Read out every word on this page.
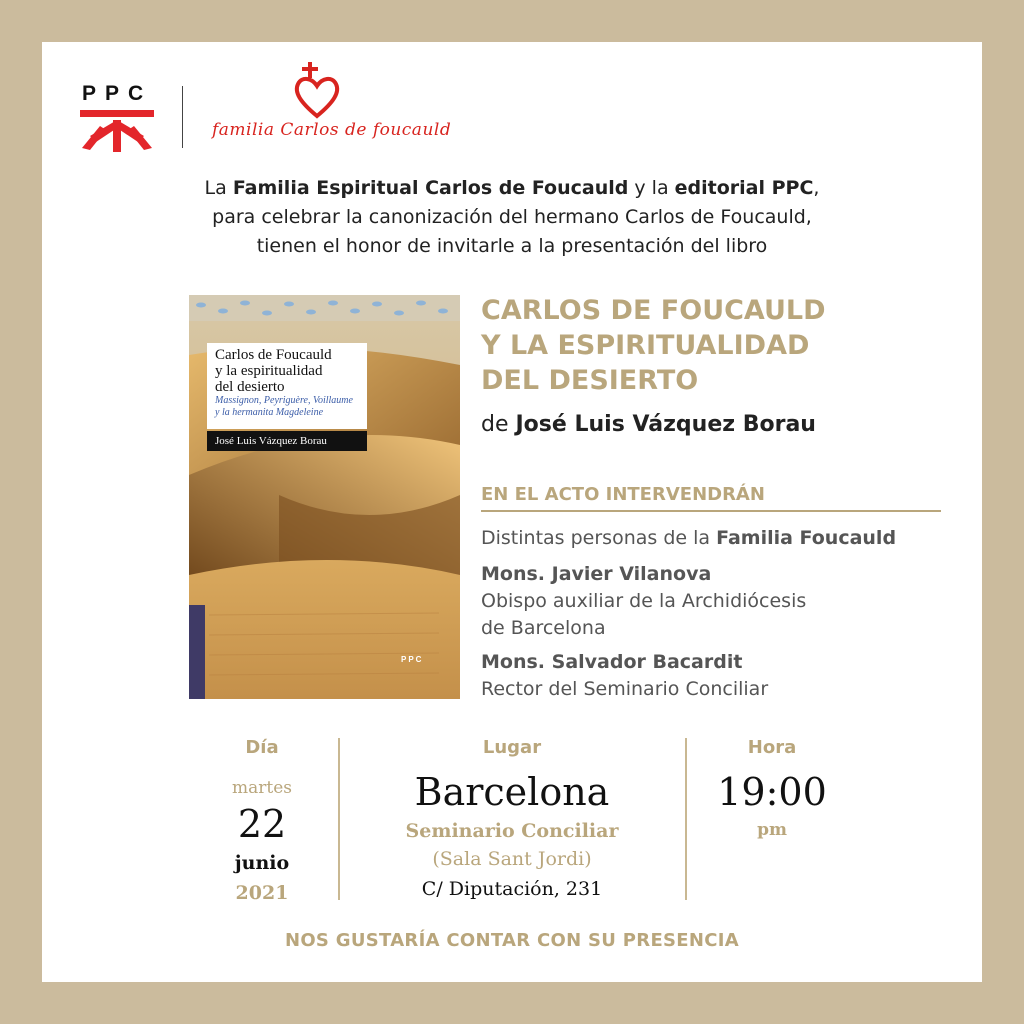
PPC
familia Carlos de foucauld
La Familia Espiritual Carlos de Foucauld y la editorial PPC,
para celebrar la canonización del hermano Carlos de Foucauld,
tienen el honor de invitarle a la presentación del libro
Carlos de Foucauld
y la espiritualidad
del desierto
Massignon, Peyriguère, Voillaume
y la hermanita Magdeleine
José Luis Vázquez Borau
PPC
CARLOS DE FOUCAULD
Y LA ESPIRITUALIDAD
DEL DESIERTO
de José Luis Vázquez Borau
EN EL ACTO INTERVENDRÁN
Distintas personas de la Familia Foucauld
Mons. Javier Vilanova
Obispo auxiliar de la Archidiócesis
de Barcelona
Mons. Salvador Bacardit
Rector del Seminario Conciliar
Día
martes
22
junio
2021
Lugar
Barcelona
Seminario Conciliar
(Sala Sant Jordi)
C/ Diputación, 231
Hora
19:00
pm
NOS GUSTARÍA CONTAR CON SU PRESENCIA
